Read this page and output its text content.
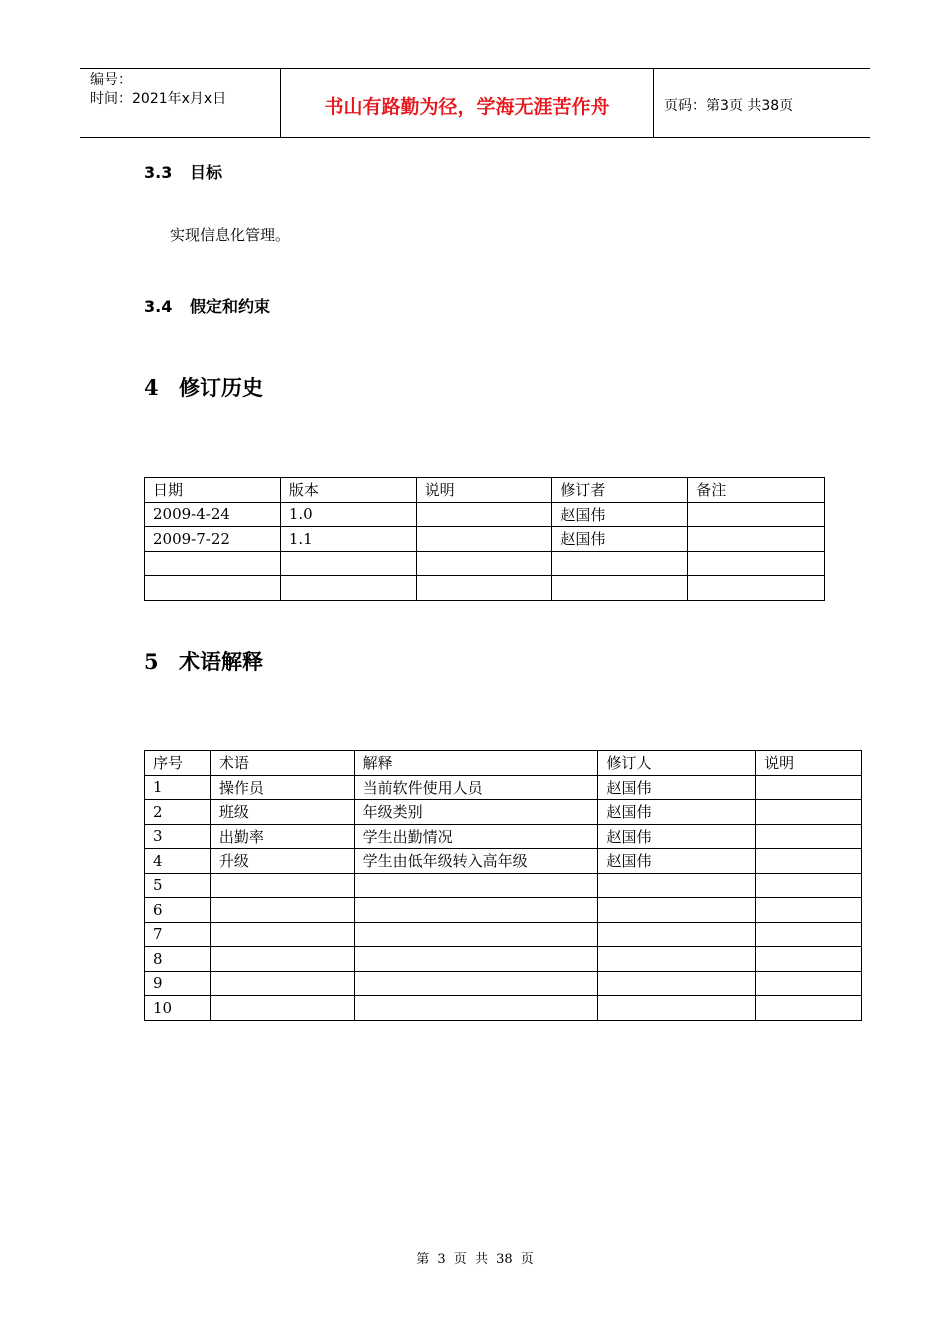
编号：
时间：2021年x月x日	书山有路勤为径，学海无涯苦作舟	页码：第3页 共38页
3.3 目标
实现信息化管理。
3.4 假定和约束
4 修订历史
日期	版本	说明	修订者	备注
2009-4-24	1.0		赵国伟	
2009-7-22	1.1		赵国伟	

5 术语解释
序号	术语	解释	修订人	说明
1	操作员	当前软件使用人员	赵国伟	
2	班级	年级类别	赵国伟	
3	出勤率	学生出勤情况	赵国伟	
4	升级	学生由低年级转入高年级	赵国伟	
5				
6				
7				
8				
9				
10				
第 3 页 共 38 页
